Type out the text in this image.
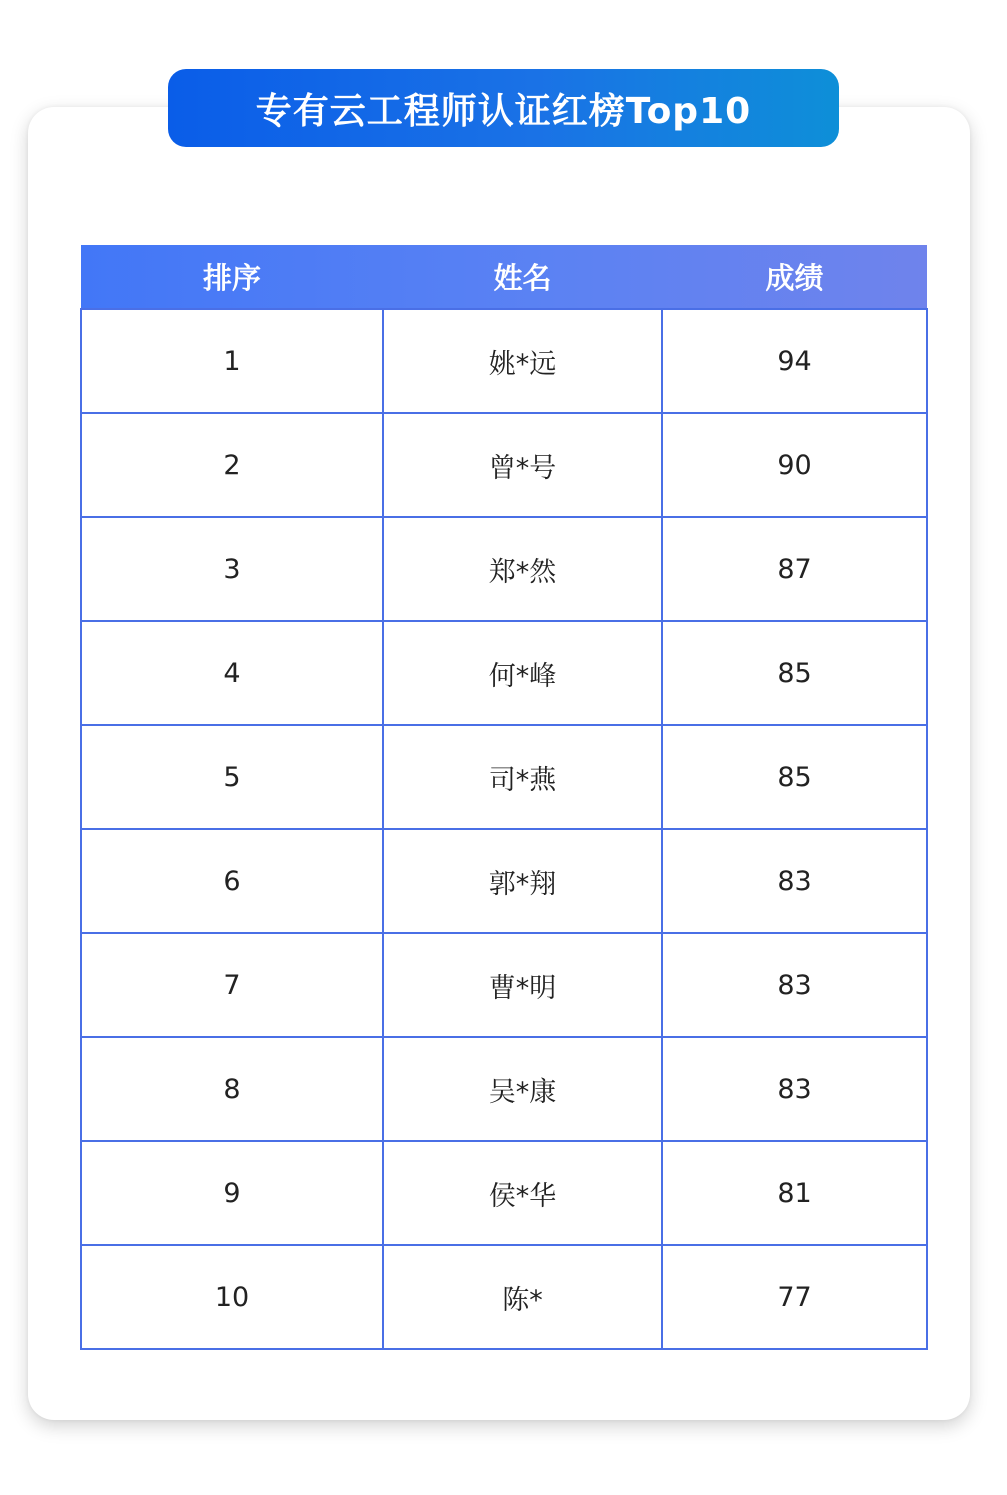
专有云工程师认证红榜Top10
排序	姓名	成绩
1	姚*远	94
2	曾*号	90
3	郑*然	87
4	何*峰	85
5	司*燕	85
6	郭*翔	83
7	曹*明	83
8	吴*康	83
9	侯*华	81
10	陈*	77
